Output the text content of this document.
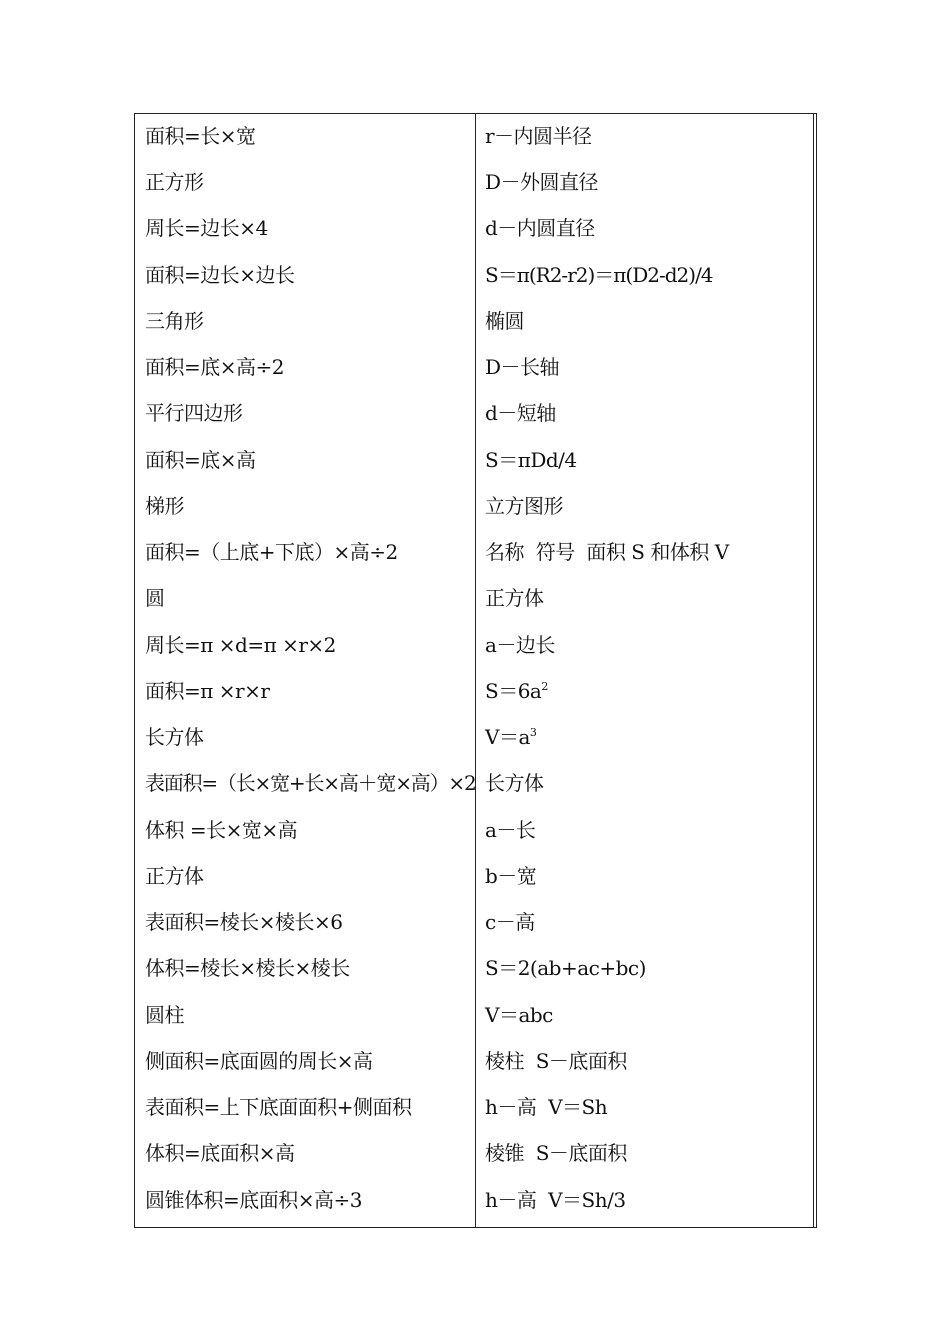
面积=长×宽
正方形
周长=边长×4
面积=边长×边长
三角形
面积=底×高÷2
平行四边形
面积=底×高
梯形
面积=（上底+下底）×高÷2
圆
周长=π ×d=π ×r×2
面积=π ×r×r
长方体
表面积=（长×宽+长×高＋宽×高）×2
体积 =长×宽×高
正方体
表面积=棱长×棱长×6
体积=棱长×棱长×棱长
圆柱
侧面积=底面圆的周长×高
表面积=上下底面面积+侧面积
体积=底面积×高
圆锥体积=底面积×高÷3
r－内圆半径
D－外圆直径
d－内圆直径
S＝π(R2-r2)＝π(D2-d2)/4
椭圆
D－长轴
d－短轴
S＝πDd/4
立方图形
名称  符号  面积 S 和体积 V
正方体
a－边长
$S=6a^2$
$V=a^3$
长方体
a－长
b－宽
c－高
S＝2(ab+ac+bc)
V＝abc
棱柱  S－底面积
h－高  V＝Sh
棱锥  S－底面积
h－高  V＝Sh/3
